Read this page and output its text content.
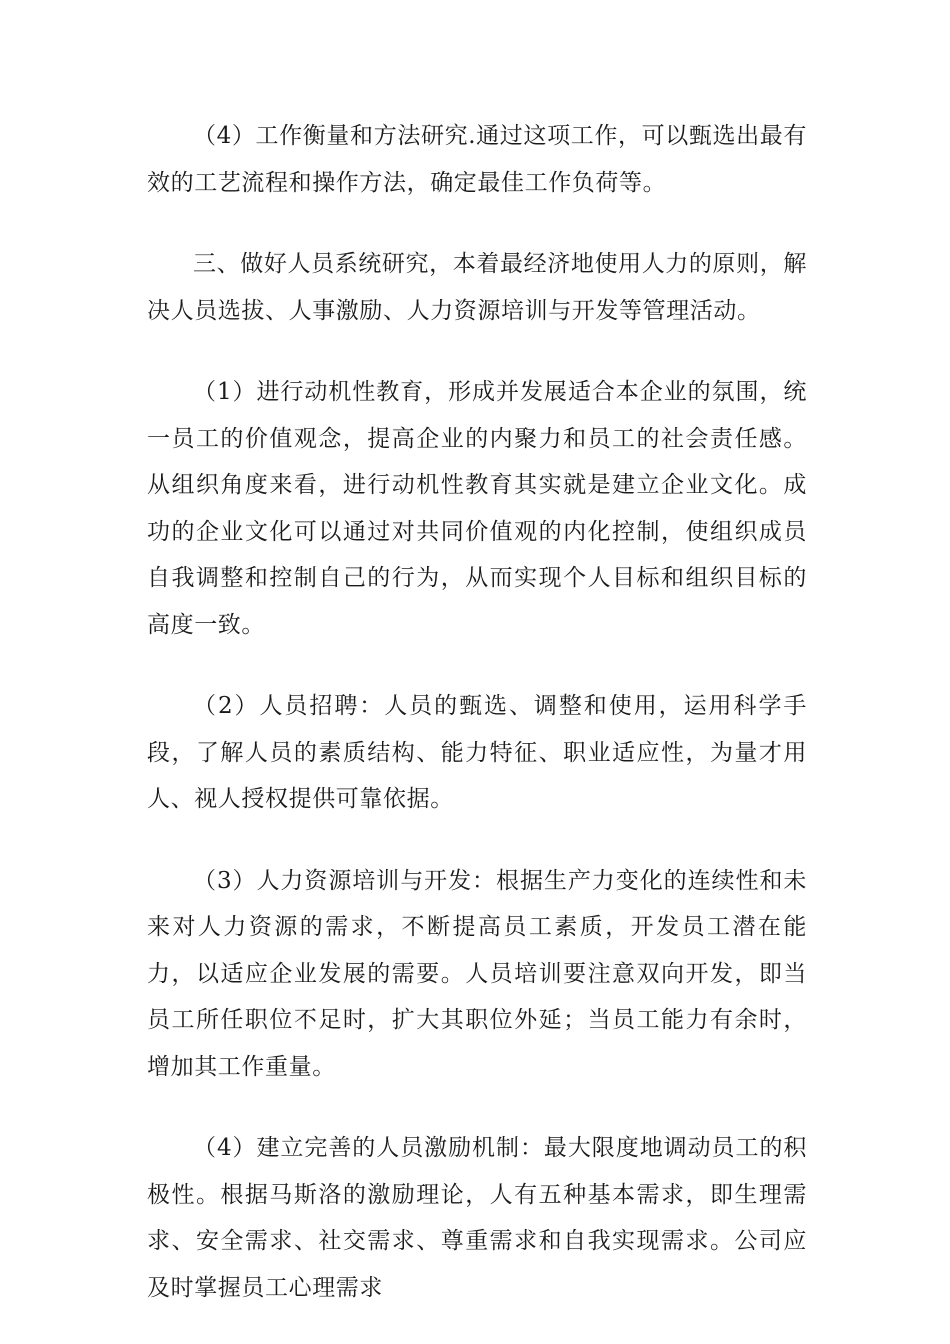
（4）工作衡量和方法研究.通过这项工作，可以甄选出最有效的工艺流程和操作方法，确定最佳工作负荷等。

三、做好人员系统研究，本着最经济地使用人力的原则，解决人员选拔、人事激励、人力资源培训与开发等管理活动。

（1）进行动机性教育，形成并发展适合本企业的氛围，统一员工的价值观念，提高企业的内聚力和员工的社会责任感。从组织角度来看，进行动机性教育其实就是建立企业文化。成功的企业文化可以通过对共同价值观的内化控制，使组织成员自我调整和控制自己的行为，从而实现个人目标和组织目标的高度一致。

（2）人员招聘：人员的甄选、调整和使用，运用科学手段，了解人员的素质结构、能力特征、职业适应性，为量才用人、视人授权提供可靠依据。

（3）人力资源培训与开发：根据生产力变化的连续性和未来对人力资源的需求，不断提高员工素质，开发员工潜在能力，以适应企业发展的需要。人员培训要注意双向开发，即当员工所任职位不足时，扩大其职位外延；当员工能力有余时，增加其工作重量。

（4）建立完善的人员激励机制：最大限度地调动员工的积极性。根据马斯洛的激励理论，人有五种基本需求，即生理需求、安全需求、社交需求、尊重需求和自我实现需求。公司应及时掌握员工心理需求
